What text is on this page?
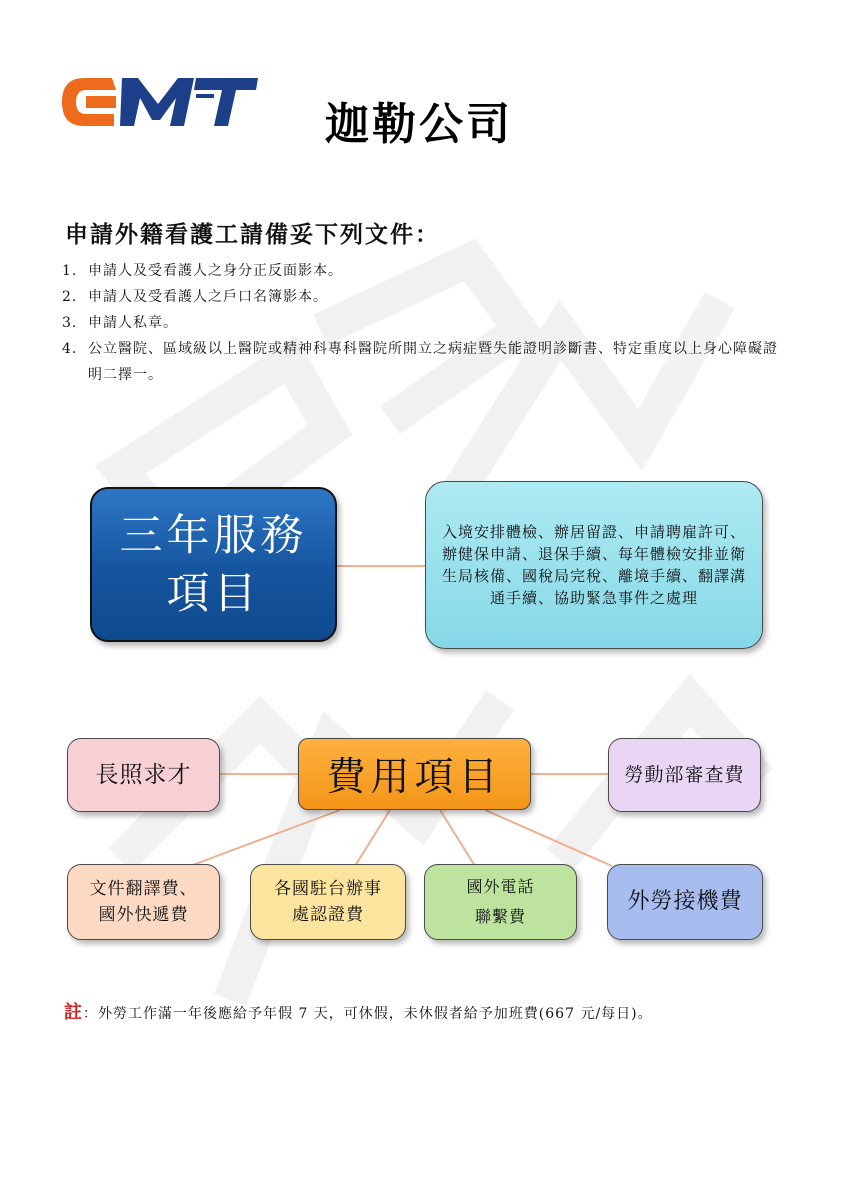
迦勒公司
申請外籍看護工請備妥下列文件：
1. 申請人及受看護人之身分正反面影本。
2. 申請人及受看護人之戶口名簿影本。
3. 申請人私章。
4. 公立醫院、區域級以上醫院或精神科專科醫院所開立之病症暨失能證明診斷書、特定重度以上身心障礙證明二擇一。
三年服務
項目
入境安排體檢、辦居留證、申請聘雇許可、辦健保申請、退保手續、每年體檢安排並衛生局核備、國稅局完稅、離境手續、翻譯溝通手續、協助緊急事件之處理
費用項目
長照求才	勞動部審查費
文件翻譯費、
國外快遞費
各國駐台辦事
處認證費
國外電話
聯繫費
外勞接機費
註：外勞工作滿一年後應給予年假 7 天，可休假，未休假者給予加班費(667 元/每日)。
